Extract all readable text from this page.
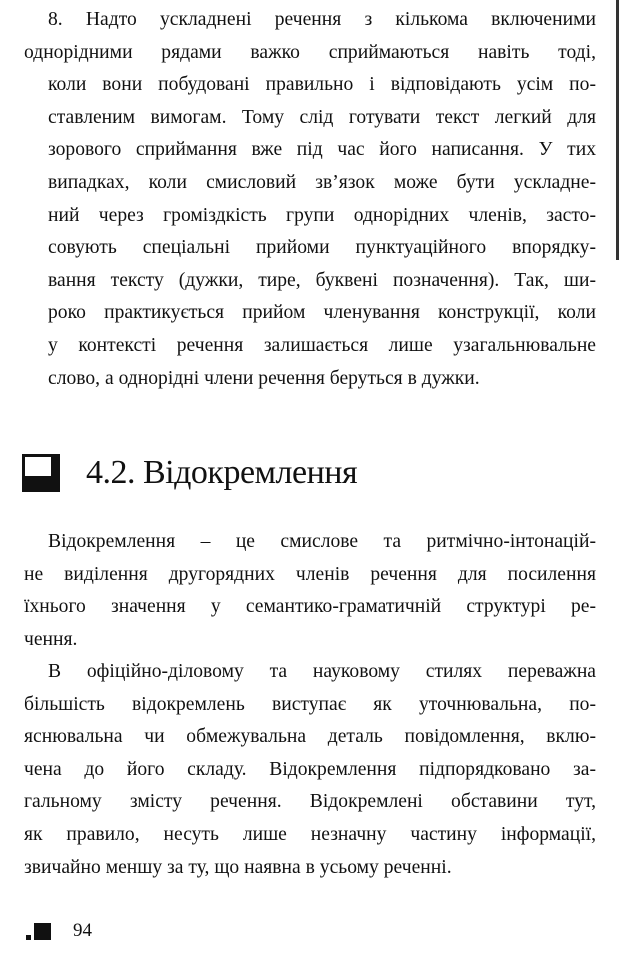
8. Надто ускладнені речення з кількома включеними
однорідними рядами важко сприймаються навіть тоді,
коли вони побудовані правильно і відповідають усім по-
ставленим вимогам. Тому слід готувати текст легкий для
зорового сприймання вже під час його написання. У тих
випадках, коли смисловий зв’язок може бути ускладне-
ний через громіздкість групи однорідних членів, засто-
совують спеціальні прийоми пунктуаційного впорядку-
вання тексту (дужки, тире, буквені позначення). Так, ши-
роко практикується прийом членування конструкції, коли
у контексті речення залишається лише узагальнювальне
слово, а однорідні члени речення беруться в дужки.

4.2. Відокремлення

Відокремлення – це смислове та ритмічно-інтонацій-
не виділення другорядних членів речення для посилення
їхнього значення у семантико-граматичній структурі ре-
чення.

В офіційно-діловому та науковому стилях переважна
більшість відокремлень виступає як уточнювальна, по-
яснювальна чи обмежувальна деталь повідомлення, вклю-
чена до його складу. Відокремлення підпорядковано за-
гальному змісту речення. Відокремлені обставини тут,
як правило, несуть лише незначну частину інформації,
звичайно меншу за ту, що наявна в усьому реченні.

94
